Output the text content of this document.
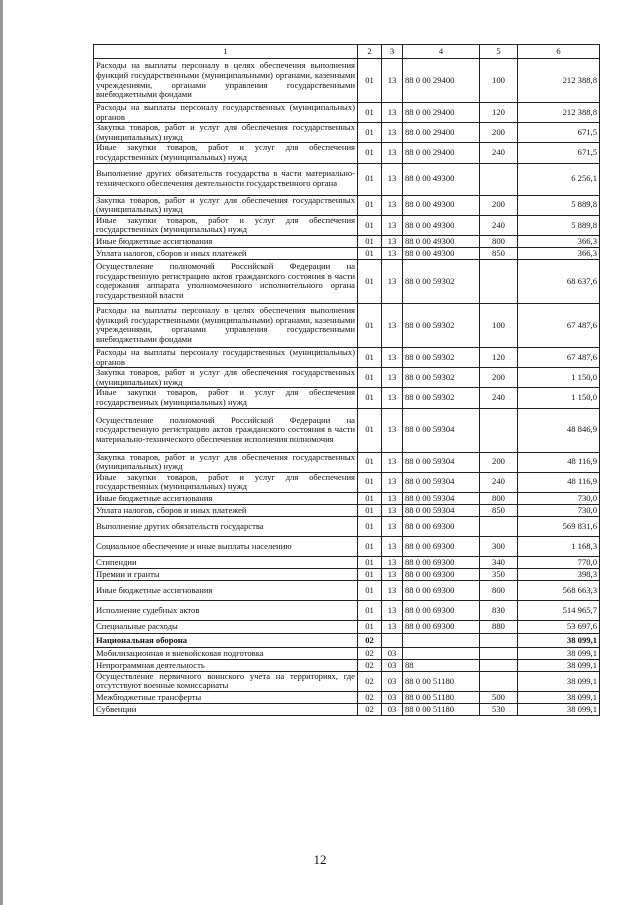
1	2	3	4	5	6
Расходы на выплаты персоналу в целях обеспечения выполнения функций государственными (муниципальными) органами, казенными учреждениями, органами управления государственными внебюджетными фондами	01	13	88 0 00 29400	100	212 388,8
Расходы на выплаты персоналу государственных (муниципальных) органов	01	13	88 0 00 29400	120	212 388,8
Закупка товаров, работ и услуг для обеспечения государственных (муниципальных) нужд	01	13	88 0 00 29400	200	671,5
Иные закупки товаров, работ и услуг для обеспечения государственных (муниципальных) нужд	01	13	88 0 00 29400	240	671,5
Выполнение других обязательств государства в части материально-технического обеспечения деятельности государственного органа	01	13	88 0 00 49300		6 256,1
Закупка товаров, работ и услуг для обеспечения государственных (муниципальных) нужд	01	13	88 0 00 49300	200	5 889,8
Иные закупки товаров, работ и услуг для обеспечения государственных (муниципальных) нужд	01	13	88 0 00 49300	240	5 889,8
Иные бюджетные ассигнования	01	13	88 0 00 49300	800	366,3
Уплата налогов, сборов и иных платежей	01	13	88 0 00 49300	850	366,3
Осуществление полномочий Российской Федерации на государственную регистрацию актов гражданского состояния в части содержания аппарата уполномоченного исполнительного органа государственной власти	01	13	88 0 00 59302		68 637,6
Расходы на выплаты персоналу в целях обеспечения выполнения функций государственными (муниципальными) органами, казенными учреждениями, органами управления государственными внебюджетными фондами	01	13	88 0 00 59302	100	67 487,6
Расходы на выплаты персоналу государственных (муниципальных) органов	01	13	88 0 00 59302	120	67 487,6
Закупка товаров, работ и услуг для обеспечения государственных (муниципальных) нужд	01	13	88 0 00 59302	200	1 150,0
Иные закупки товаров, работ и услуг для обеспечения государственных (муниципальных) нужд	01	13	88 0 00 59302	240	1 150,0
Осуществление полномочий Российской Федерации на государственную регистрацию актов гражданского состояния в части материально-технического обеспечения исполнения полномочия	01	13	88 0 00 59304		48 846,9
Закупка товаров, работ и услуг для обеспечения государственных (муниципальных) нужд	01	13	88 0 00 59304	200	48 116,9
Иные закупки товаров, работ и услуг для обеспечения государственных (муниципальных) нужд	01	13	88 0 00 59304	240	48 116,9
Иные бюджетные ассигнования	01	13	88 0 00 59304	800	730,0
Уплата налогов, сборов и иных платежей	01	13	88 0 00 59304	850	730,0
Выполнение других обязательств государства	01	13	88 0 00 69300		569 831,6
Социальное обеспечение и иные выплаты населению	01	13	88 0 00 69300	300	1 168,3
Стипендии	01	13	88 0 00 69300	340	770,0
Премии и гранты	01	13	88 0 00 69300	350	398,3
Иные бюджетные ассигнования	01	13	88 0 00 69300	800	568 663,3
Исполнение судебных актов	01	13	88 0 00 69300	830	514 965,7
Специальные расходы	01	13	88 0 00 69300	880	53 697,6
Национальная оборона	02				38 099,1
Мобилизационная и вневойсковая подготовка	02	03			38 099,1
Непрограммная деятельность	02	03	88		38 099,1
Осуществление первичного воинского учета на территориях, где отсутствуют военные комиссариаты	02	03	88 0 00 51180		38 099,1
Межбюджетные трансферты	02	03	88 0 00 51180	500	38 099,1
Субвенции	02	03	88 0 00 51180	530	38 099,1
12
